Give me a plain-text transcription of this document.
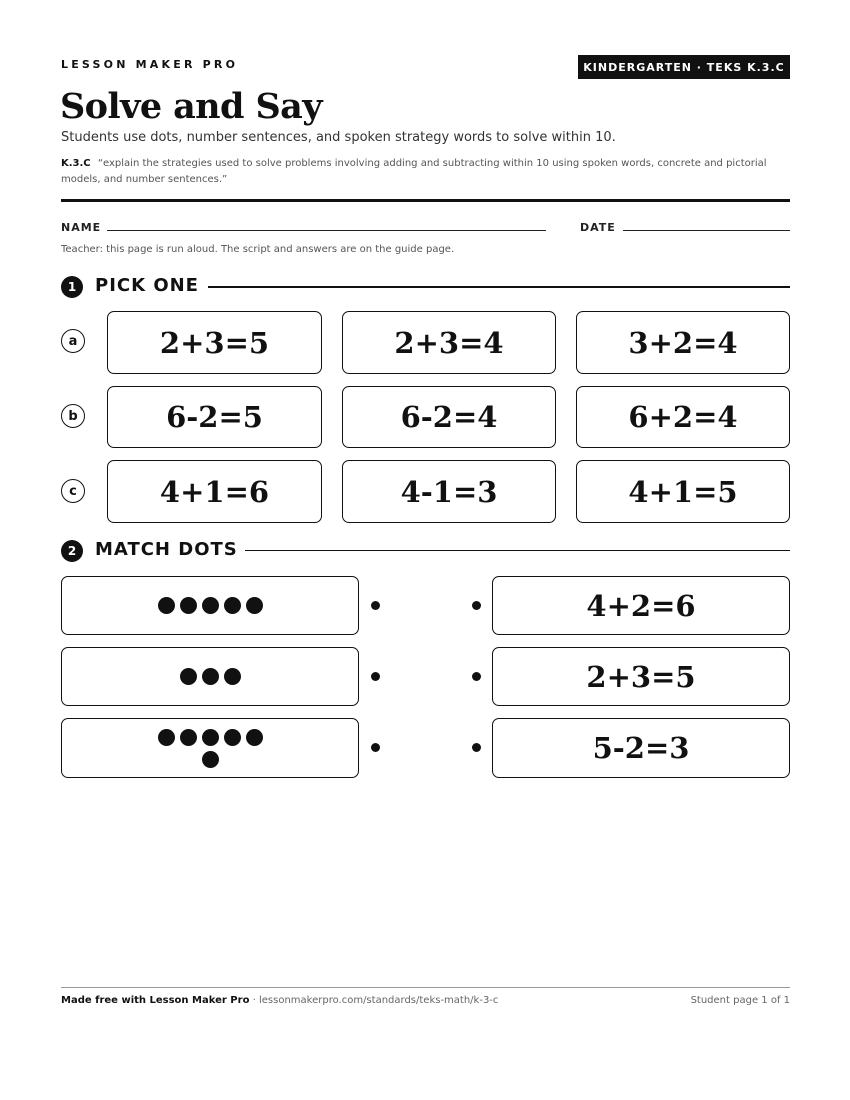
LESSON MAKER PRO	KINDERGARTEN · TEKS K.3.C
Solve and Say
Students use dots, number sentences, and spoken strategy words to solve within 10.
K.3.C “explain the strategies used to solve problems involving adding and subtracting within 10 using spoken words, concrete and pictorial models, and number sentences.”
NAME	DATE
Teacher: this page is run aloud. The script and answers are on the guide page.
1	PICK ONE
a	2+3=5	2+3=4	3+2=4
b	6-2=5	6-2=4	6+2=4
c	4+1=6	4-1=3	4+1=5
2	MATCH DOTS
4+2=6
2+3=5
5-2=3
Made free with Lesson Maker Pro · lessonmakerpro.com/standards/teks-math/k-3-c	Student page 1 of 1
